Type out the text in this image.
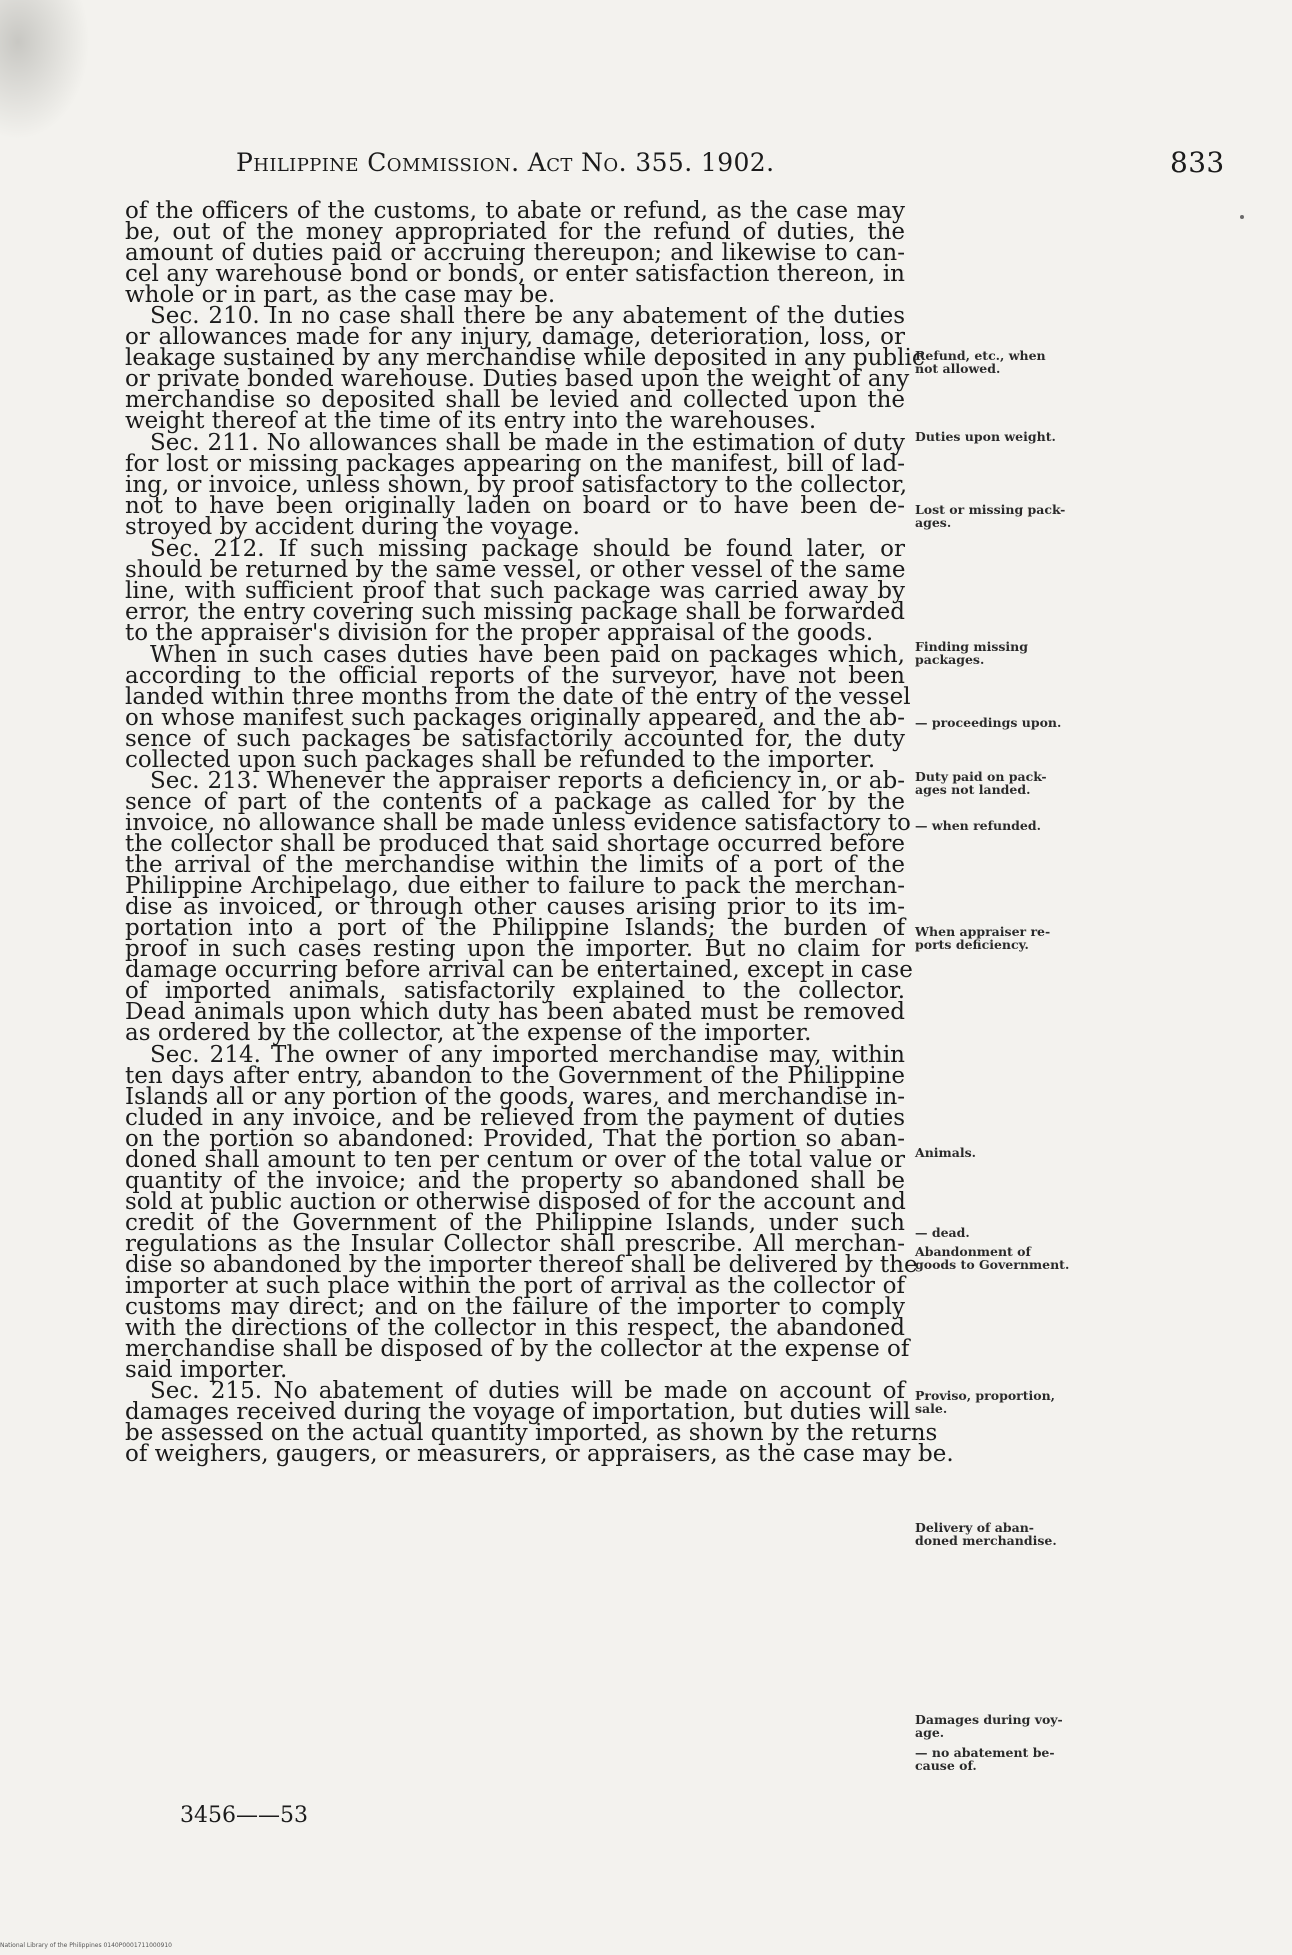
Philippine Commission. Act No. 355. 1902.	833
of the officers of the customs, to abate or refund, as the case may
be, out of the money appropriated for the refund of duties, the
amount of duties paid or accruing thereupon; and likewise to can-
cel any warehouse bond or bonds, or enter satisfaction thereon, in
whole or in part, as the case may be.
Sec. 210. In no case shall there be any abatement of the duties
or allowances made for any injury, damage, deterioration, loss, or
leakage sustained by any merchandise while deposited in any public
or private bonded warehouse. Duties based upon the weight of any
merchandise so deposited shall be levied and collected upon the
weight thereof at the time of its entry into the warehouses.
Sec. 211. No allowances shall be made in the estimation of duty
for lost or missing packages appearing on the manifest, bill of lad-
ing, or invoice, unless shown, by proof satisfactory to the collector,
not to have been originally laden on board or to have been de-
stroyed by accident during the voyage.
Sec. 212. If such missing package should be found later, or
should be returned by the same vessel, or other vessel of the same
line, with sufficient proof that such package was carried away by
error, the entry covering such missing package shall be forwarded
to the appraiser's division for the proper appraisal of the goods.
When in such cases duties have been paid on packages which,
according to the official reports of the surveyor, have not been
landed within three months from the date of the entry of the vessel
on whose manifest such packages originally appeared, and the ab-
sence of such packages be satisfactorily accounted for, the duty
collected upon such packages shall be refunded to the importer.
Sec. 213. Whenever the appraiser reports a deficiency in, or ab-
sence of part of the contents of a package as called for by the
invoice, no allowance shall be made unless evidence satisfactory to
the collector shall be produced that said shortage occurred before
the arrival of the merchandise within the limits of a port of the
Philippine Archipelago, due either to failure to pack the merchan-
dise as invoiced, or through other causes arising prior to its im-
portation into a port of the Philippine Islands; the burden of
proof in such cases resting upon the importer. But no claim for
damage occurring before arrival can be entertained, except in case
of imported animals, satisfactorily explained to the collector.
Dead animals upon which duty has been abated must be removed
as ordered by the collector, at the expense of the importer.
Sec. 214. The owner of any imported merchandise may, within
ten days after entry, abandon to the Government of the Philippine
Islands all or any portion of the goods, wares, and merchandise in-
cluded in any invoice, and be relieved from the payment of duties
on the portion so abandoned: Provided, That the portion so aban-
doned shall amount to ten per centum or over of the total value or
quantity of the invoice; and the property so abandoned shall be
sold at public auction or otherwise disposed of for the account and
credit of the Government of the Philippine Islands, under such
regulations as the Insular Collector shall prescribe. All merchan-
dise so abandoned by the importer thereof shall be delivered by the
importer at such place within the port of arrival as the collector of
customs may direct; and on the failure of the importer to comply
with the directions of the collector in this respect, the abandoned
merchandise shall be disposed of by the collector at the expense of
said importer.
Sec. 215. No abatement of duties will be made on account of
damages received during the voyage of importation, but duties will
be assessed on the actual quantity imported, as shown by the returns
of weighers, gaugers, or measurers, or appraisers, as the case may be.
Refund, etc., when
not allowed.
Duties upon weight.
Lost or missing pack-
ages.
Finding missing
packages.
— proceedings upon.
Duty paid on pack-
ages not landed.
— when refunded.
When appraiser re-
ports deficiency.
Animals.
— dead.
Abandonment of
goods to Government.
Proviso, proportion,
sale.
Delivery of aban-
doned merchandise.
Damages during voy-
age.
— no abatement be-
cause of.
3456——53
National Library of the Philippines 0140P0001711000910
